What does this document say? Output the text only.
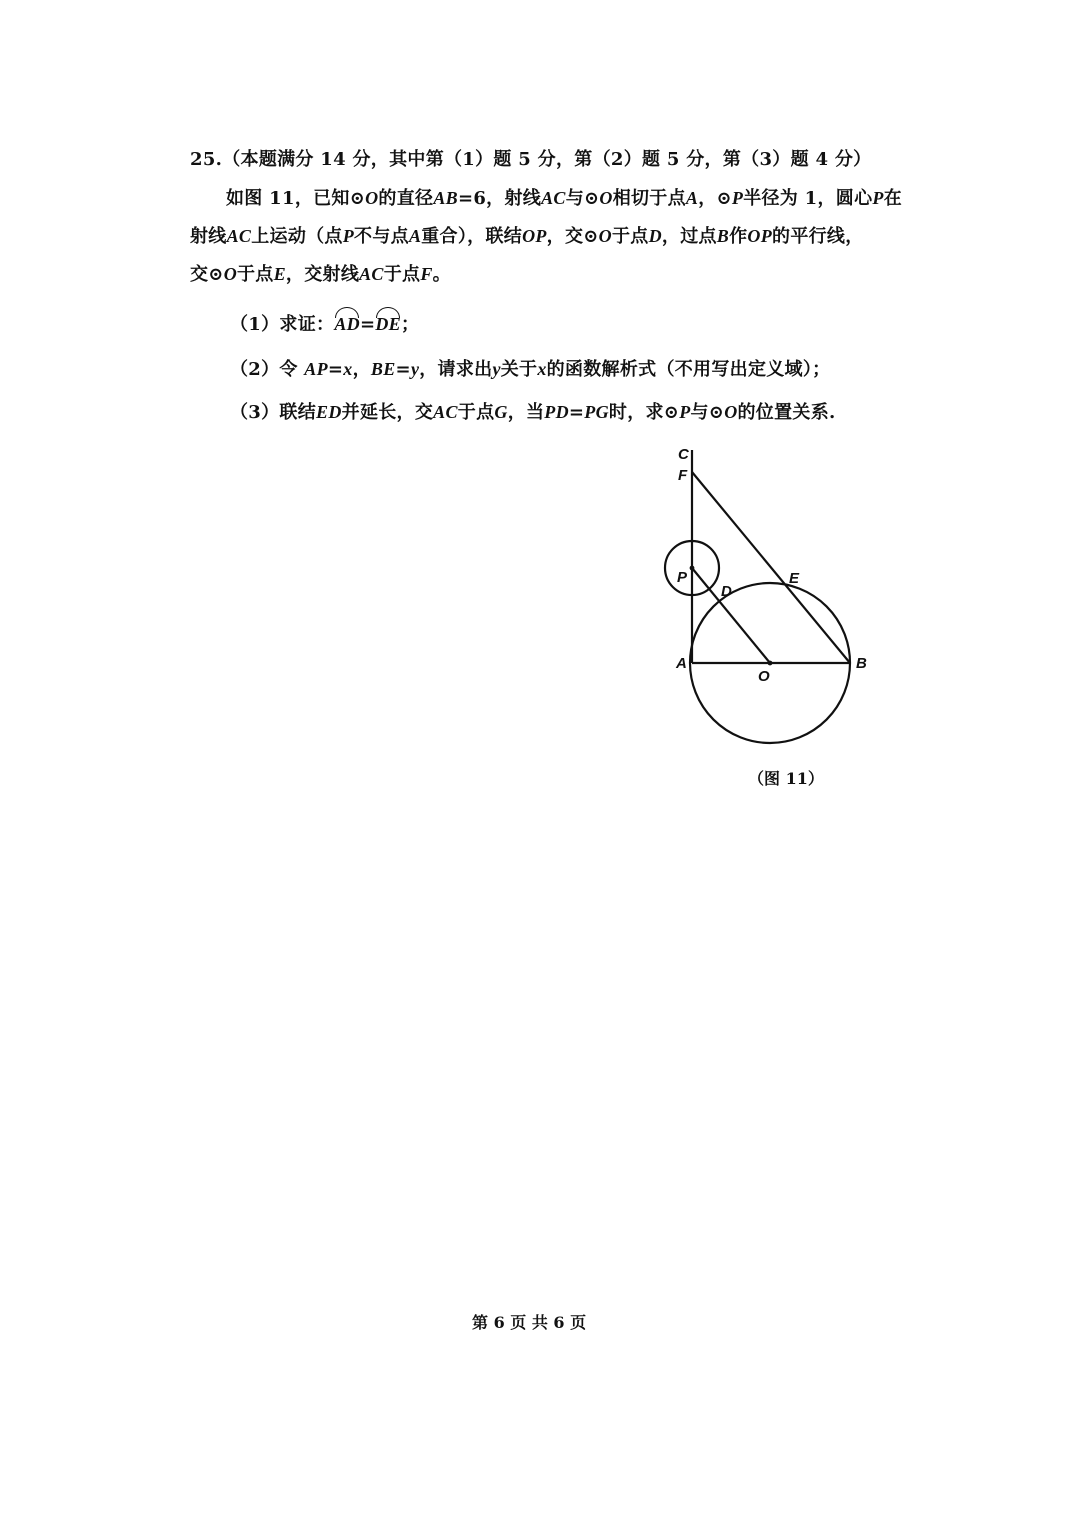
25.（本题满分 14 分，其中第（1）题 5 分，第（2）题 5 分，第（3）题 4 分）
如图 11，已知⊙O的直径AB=6，射线AC与⊙O相切于点A，⊙P半径为 1，圆心P在
射线AC上运动（点P不与点A重合），联结OP，交⊙O于点D，过点B作OP的平行线，
交⊙O于点E，交射线AC于点F。
（1）求证：AD=DE；
（2）令 AP=x，BE=y，请求出y关于x的函数解析式（不用写出定义域）；
（3）联结ED并延长，交AC于点G，当PD=PG时，求⊙P与⊙O的位置关系.
C
F
P
D
E
A
O
B
（图 11）
第 6 页 共 6 页
